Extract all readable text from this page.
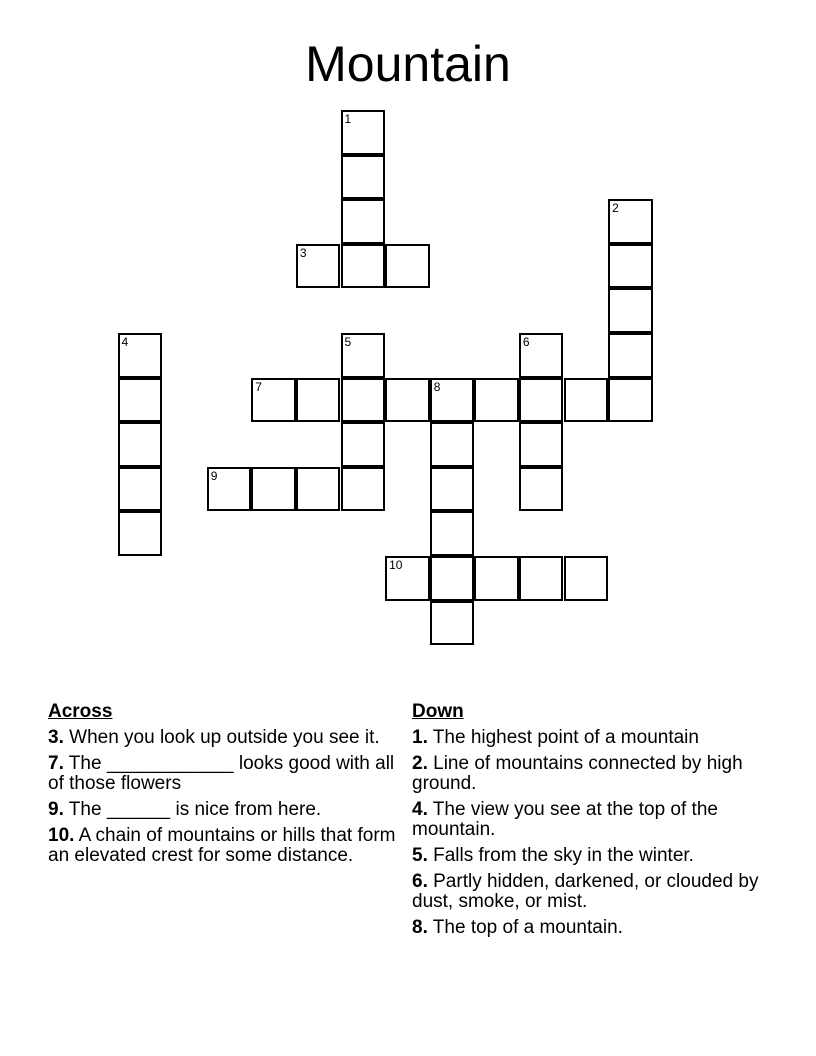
Mountain
1
2
3
4	5	6
7	8
9
10
Across
3. When you look up outside you see it.
7. The ____________ looks good with all of those flowers
9. The ______ is nice from here.
10. A chain of mountains or hills that form an elevated crest for some distance.
Down
1. The highest point of a mountain
2. Line of mountains connected by high ground.
4. The view you see at the top of the mountain.
5. Falls from the sky in the winter.
6. Partly hidden, darkened, or clouded by dust, smoke, or mist.
8. The top of a mountain.
